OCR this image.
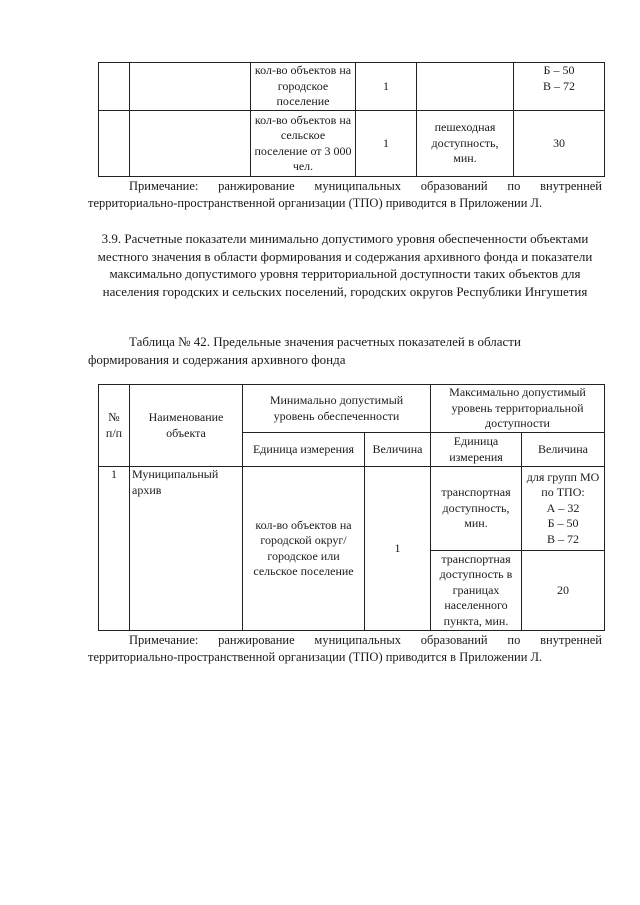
		кол-во объектов на городское поселение	1		Б – 50
В – 72
		кол-во объектов на сельское поселение от 3 000 чел.	1	пешеходная доступность, мин.	30
Примечание: ранжирование муниципальных образований по внутренней
территориально-пространственной организации (ТПО) приводится в Приложении Л.
3.9. Расчетные показатели минимально допустимого уровня обеспеченности объектами местного значения в области формирования и содержания архивного фонда и показатели максимально допустимого уровня территориальной доступности таких объектов для населения городских и сельских поселений, городских округов Республики Ингушетия
Таблица № 42. Предельные значения расчетных показателей в области формирования и содержания архивного фонда
№
п/п	Наименование объекта	Минимально допустимый уровень обеспеченности		Максимально допустимый уровень территориальной доступности	
		Единица измерения	Величина	Единица измерения	Величина
1	Муниципальный архив	кол-во объектов на городской округ/городское или сельское поселение	1	транспортная доступность, мин.	для групп МО по ТПО:
А – 32
Б – 50
В – 72
				транспортная доступность в границах населенного пункта, мин.	20
Примечание: ранжирование муниципальных образований по внутренней
территориально-пространственной организации (ТПО) приводится в Приложении Л.
